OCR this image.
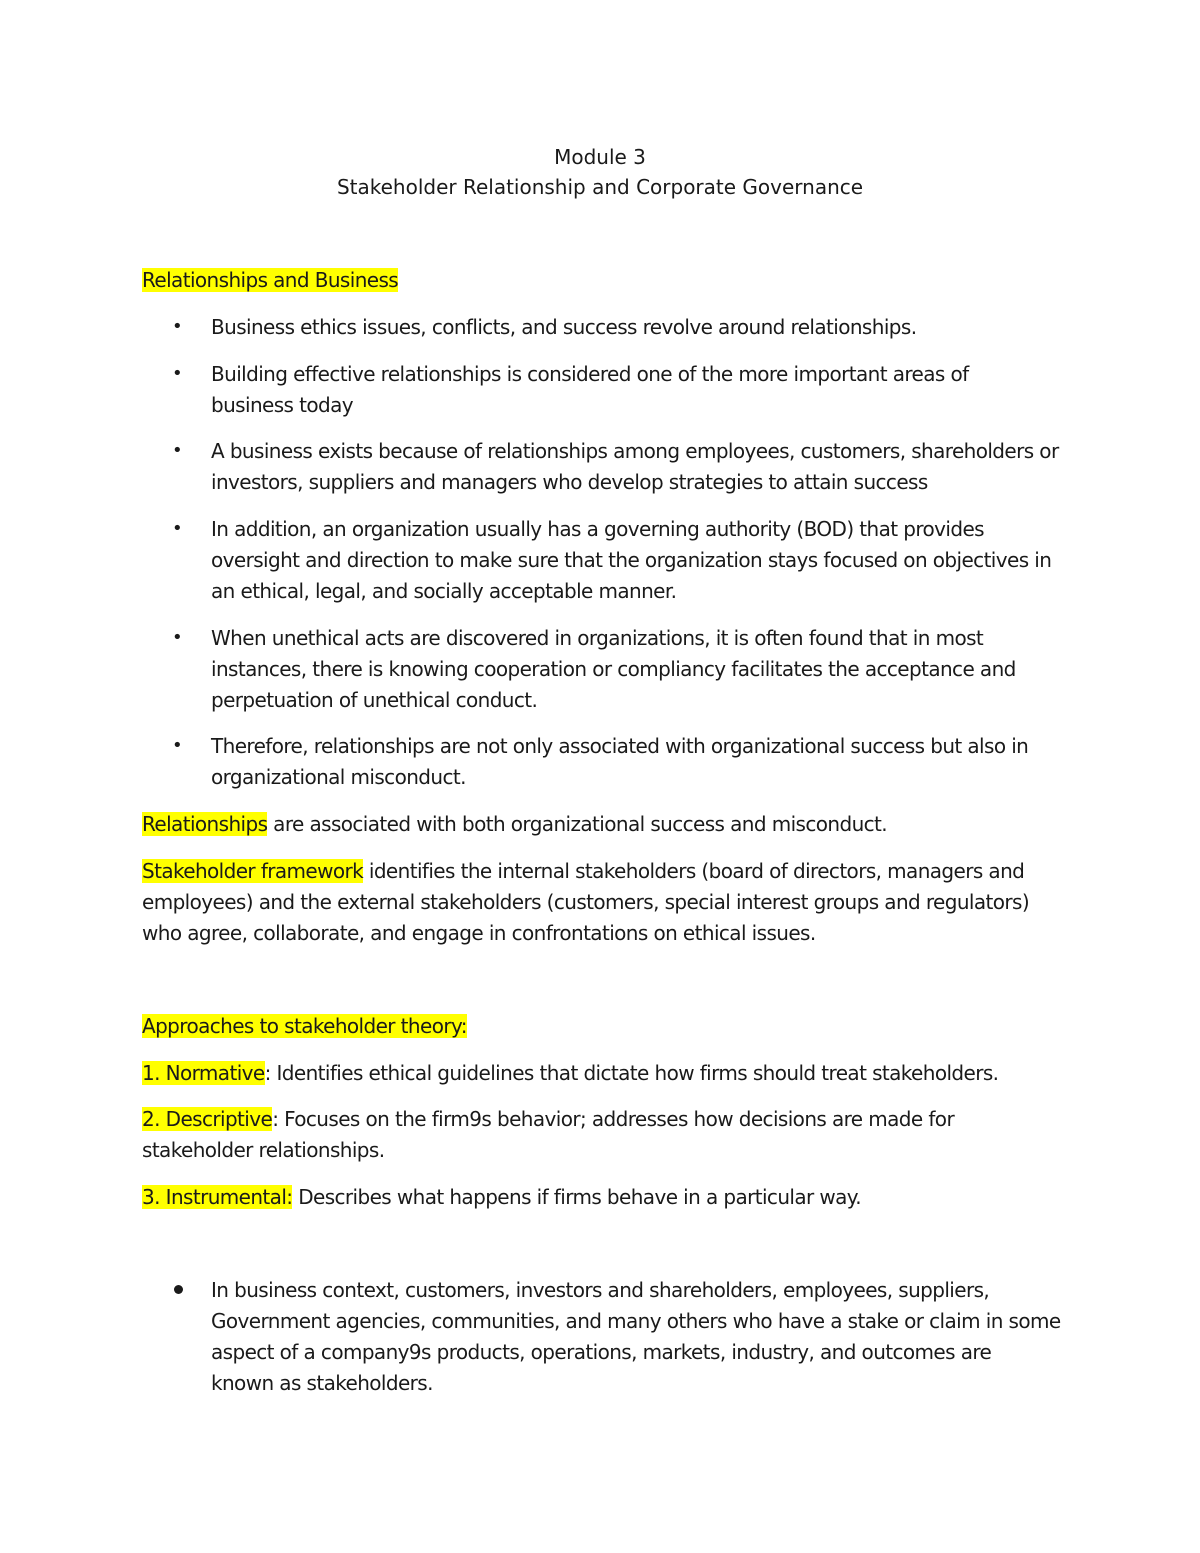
Module 3
Stakeholder Relationship and Corporate Governance
Relationships and Business
• Business ethics issues, conflicts, and success revolve around relationships.
• Building effective relationships is considered one of the more important areas of
business today
• A business exists because of relationships among employees, customers, shareholders or
investors, suppliers and managers who develop strategies to attain success
• In addition, an organization usually has a governing authority (BOD) that provides
oversight and direction to make sure that the organization stays focused on objectives in
an ethical, legal, and socially acceptable manner.
• When unethical acts are discovered in organizations, it is often found that in most
instances, there is knowing cooperation or compliancy facilitates the acceptance and
perpetuation of unethical conduct.
• Therefore, relationships are not only associated with organizational success but also in
organizational misconduct.
Relationships are associated with both organizational success and misconduct.
Stakeholder framework identifies the internal stakeholders (board of directors, managers and
employees) and the external stakeholders (customers, special interest groups and regulators)
who agree, collaborate, and engage in confrontations on ethical issues.
Approaches to stakeholder theory:
1. Normative: Identifies ethical guidelines that dictate how firms should treat stakeholders.
2. Descriptive: Focuses on the firm9s behavior; addresses how decisions are made for
stakeholder relationships.
3. Instrumental: Describes what happens if firms behave in a particular way.
In business context, customers, investors and shareholders, employees, suppliers,
Government agencies, communities, and many others who have a stake or claim in some
aspect of a company9s products, operations, markets, industry, and outcomes are
known as stakeholders.
